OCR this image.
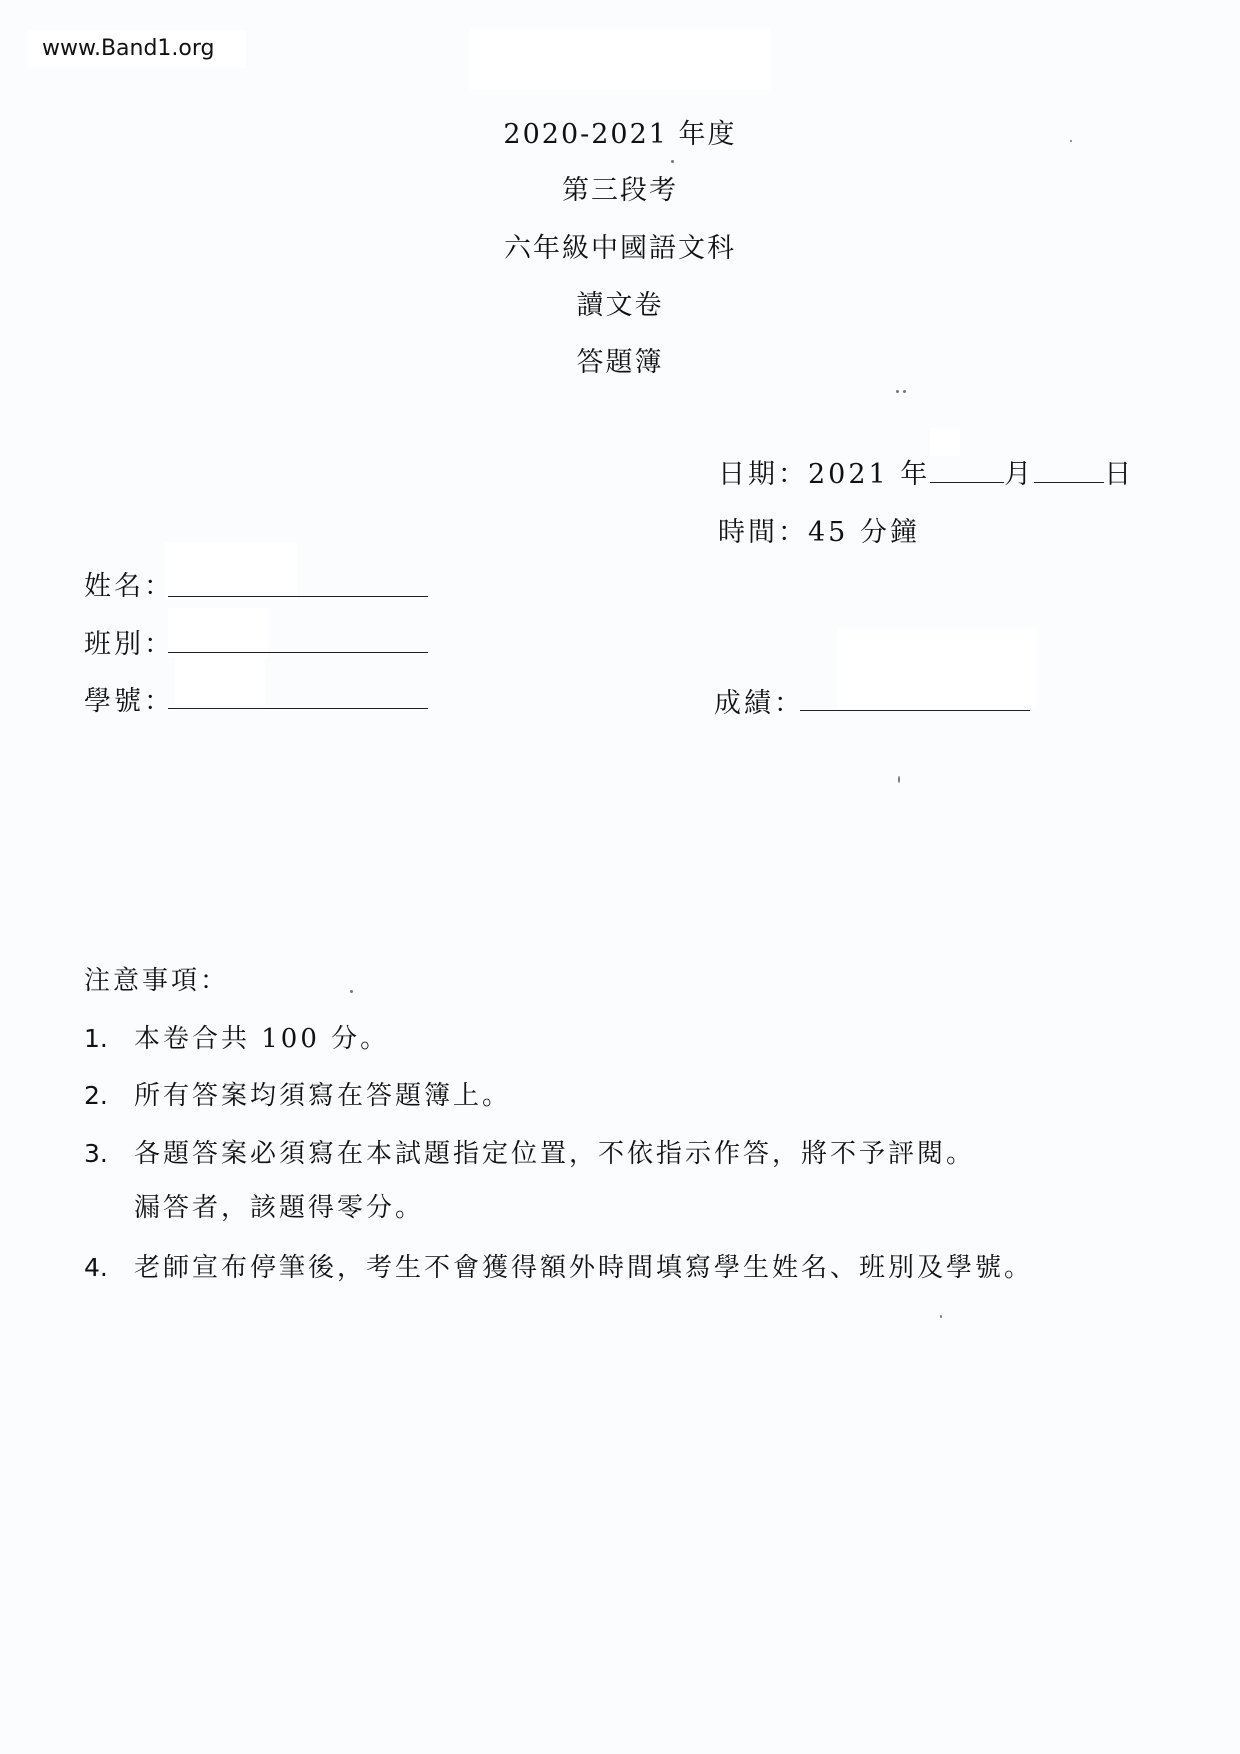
www.Band1.org
2020-2021 年度
第三段考
六年級中國語文科
讀文卷
答題簿
日期：2021 年	月	日
時間：45 分鐘
姓名：
班別：
學號：	成績：
注意事項：
1. 本卷合共 100 分。
2. 所有答案均須寫在答題簿上。
3. 各題答案必須寫在本試題指定位置，不依指示作答，將不予評閱。
漏答者，該題得零分。
4. 老師宣布停筆後，考生不會獲得額外時間填寫學生姓名、班別及學號。
